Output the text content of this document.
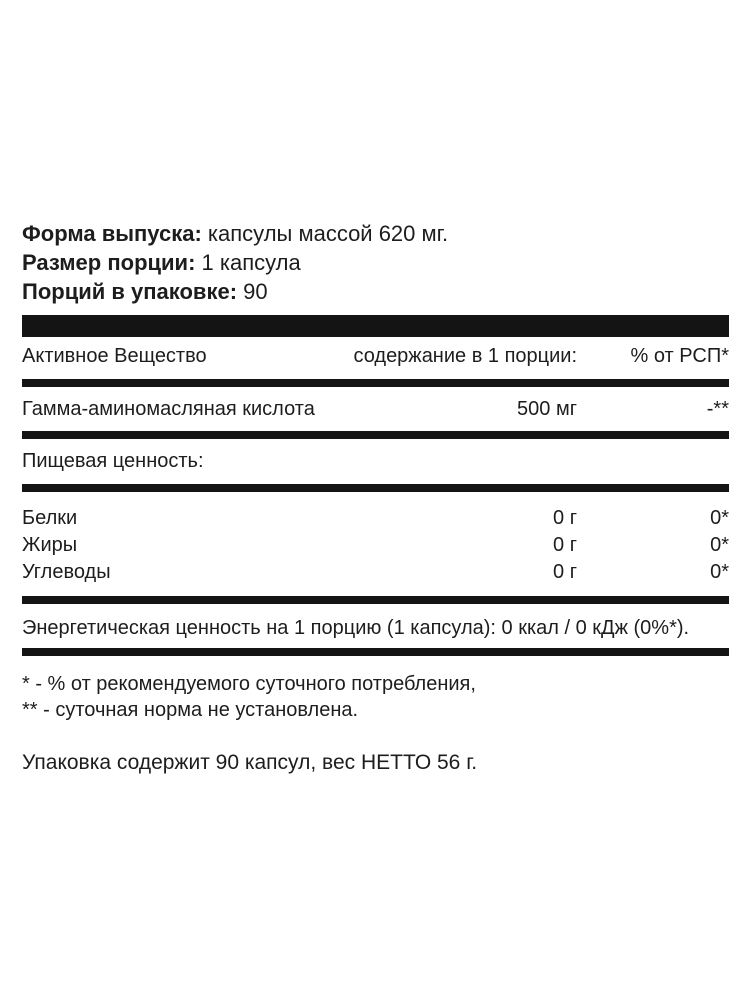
Форма выпуска: капсулы массой 620 мг.
Размер порции: 1 капсула
Порций в упаковке: 90
Активное Вещество	содержание в 1 порции:	% от РСП*
Гамма-аминомасляная кислота	500 мг	-**
Пищевая ценность:
Белки	0 г	0*
Жиры	0 г	0*
Углеводы	0 г	0*
Энергетическая ценность на 1 порцию (1 капсула): 0 ккал / 0 кДж (0%*).
* - % от рекомендуемого суточного потребления,
** - суточная норма не установлена.
Упаковка содержит 90 капсул, вес НЕТТО 56 г.
